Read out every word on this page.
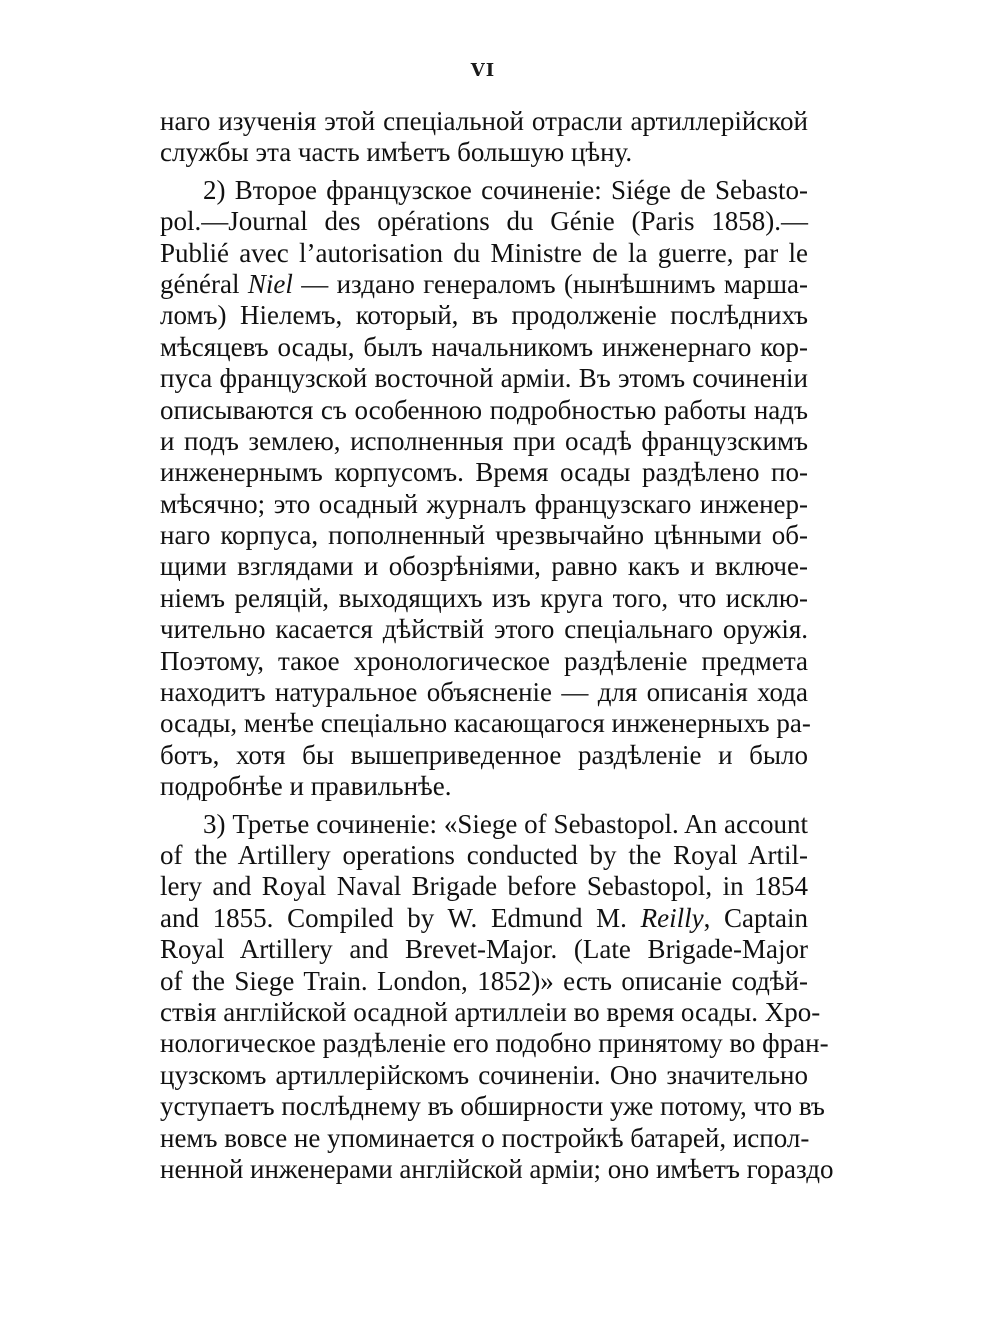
VI
наго изученія этой спеціальной отрасли артиллерійской
службы эта часть имѣетъ большую цѣну.
2) Второе французское сочиненіе: Siége de Sebasto-
pol.—Journal des opérations du Génie (Paris 1858).—
Publié avec l’autorisation du Ministre de la guerre, par le
général Niel — издано генераломъ (нынѣшнимъ марша-
ломъ) Ніелемъ, который, въ продолженіе послѣднихъ
мѣсяцевъ осады, былъ начальникомъ инженернаго кор-
пуса французской восточной арміи. Въ этомъ сочиненіи
описываются съ особенною подробностью работы надъ
и подъ землею, исполненныя при осадѣ французскимъ
инженернымъ корпусомъ. Время осады раздѣлено по-
мѣсячно; это осадный журналъ французскаго инженер-
наго корпуса, пополненный чрезвычайно цѣнными об-
щими взглядами и обозрѣніями, равно какъ и включе-
ніемъ реляцій, выходящихъ изъ круга того, что исклю-
чительно касается дѣйствій этого спеціальнаго оружія.
Поэтому, такое хронологическое раздѣленіе предмета
находитъ натуральное объясненіе — для описанія хода
осады, менѣе спеціально касающагося инженерныхъ ра-
ботъ, хотя бы вышеприведенное раздѣленіе и было
подробнѣе и правильнѣе.
3) Третье сочиненіе: «Siege of Sebastopol. An account
of the Artillery operations conducted by the Royal Artil-
lery and Royal Naval Brigade before Sebastopol, in 1854
and 1855. Compiled by W. Edmund M. Reilly, Captain
Royal Artillery and Brevet-Major. (Late Brigade-Major
of the Siege Train. London, 1852)» есть описаніе содѣй-
ствія англійской осадной артиллеіи во время осады. Хро-
нологическое раздѣленіе его подобно принятому во фран-
цузскомъ артиллерійскомъ сочиненіи. Оно значительно
уступаетъ послѣднему въ обширности уже потому, что въ
немъ вовсе не упоминается о постройкѣ батарей, испол-
ненной инженерами англійской арміи; оно имѣетъ гораздо
